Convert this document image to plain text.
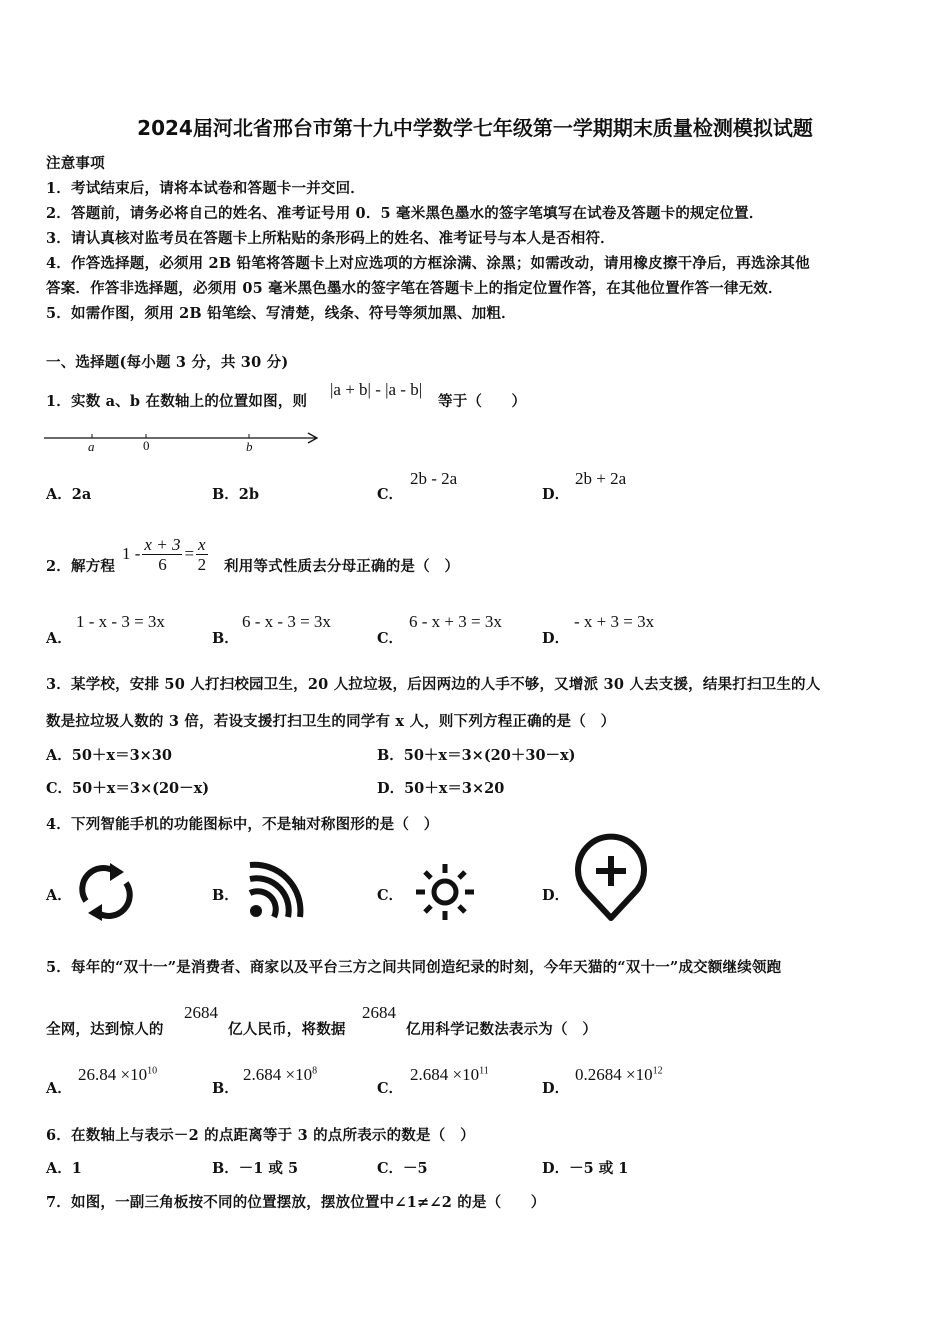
2024届河北省邢台市第十九中学数学七年级第一学期期末质量检测模拟试题
注意事项
1．考试结束后，请将本试卷和答题卡一并交回．
2．答题前，请务必将自己的姓名、准考证号用 0．5 毫米黑色墨水的签字笔填写在试卷及答题卡的规定位置．
3．请认真核对监考员在答题卡上所粘贴的条形码上的姓名、准考证号与本人是否相符．
4．作答选择题，必须用 2B 铅笔将答题卡上对应选项的方框涂满、涂黑；如需改动，请用橡皮擦干净后，再选涂其他
答案．作答非选择题，必须用 05 毫米黑色墨水的签字笔在答题卡上的指定位置作答，在其他位置作答一律无效．
5．如需作图，须用 2B 铅笔绘、写清楚，线条、符号等须加黑、加粗．
一、选择题(每小题 3 分，共 30 分)
1．实数 a、b 在数轴上的位置如图，则
|a + b| - |a - b|
等于（　　）
a	0	b
A．2a	B．2b	C．
2b - 2a
D．
2b + 2a
2．解方程
$1 - \frac{x + 3}{6} = \frac{x}{2}$ 利用等式性质去分母正确的是（　）
A．
1 - x - 3 = 3x
B．
6 - x - 3 = 3x
C．
6 - x + 3 = 3x
D．
- x + 3 = 3x
3．某学校，安排 50 人打扫校园卫生，20 人拉垃圾，后因两边的人手不够，又增派 30 人去支援，结果打扫卫生的人
数是拉垃圾人数的 3 倍，若设支援打扫卫生的同学有 x 人，则下列方程正确的是（　）
A．50＋x＝3×30	B．50＋x＝3×(20＋30－x)
C．50＋x＝3×(20－x)	D．50＋x＝3×20
4．下列智能手机的功能图标中，不是轴对称图形的是（　）
A．	B．	C．	D．
5．每年的“双十一”是消费者、商家以及平台三方之间共同创造纪录的时刻，今年天猫的“双十一”成交额继续领跑
全网，达到惊人的
2684
亿人民币，将数据
2684
亿用科学记数法表示为（　）
A．
$26.84 \times 10^{10}$
B．
$2.684 \times 10^8$
C．
$2.684 \times 10^{11}$
D．
$0.2684 \times 10^{12}$
6．在数轴上与表示－2 的点距离等于 3 的点所表示的数是（　）
A．1	B．－1 或 5	C．－5	D．－5 或 1
7．如图，一副三角板按不同的位置摆放，摆放位置中∠1≠∠2 的是（　　）
